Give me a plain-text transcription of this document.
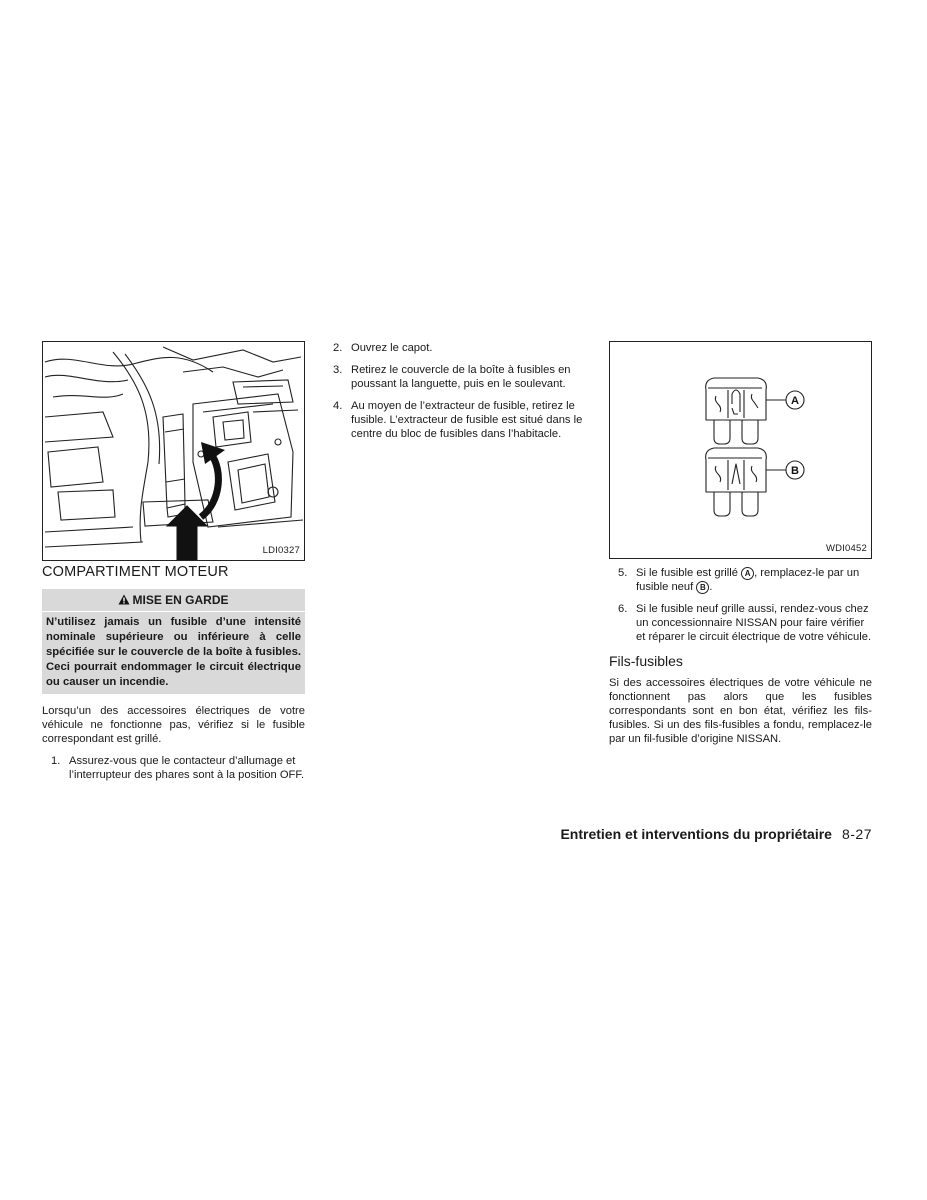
LDI0327
COMPARTIMENT MOTEUR
MISE EN GARDE
N’utilisez jamais un fusible d’une intensité nominale supérieure ou inférieure à celle spécifiée sur le couvercle de la boîte à fusibles. Ceci pourrait endommager le circuit électrique ou causer un incendie.

Lorsqu’un des accessoires électriques de votre véhicule ne fonctionne pas, vérifiez si le fusible correspondant est grillé.

1. Assurez-vous que le contacteur d’allumage et l’interrupteur des phares sont à la position OFF.
2. Ouvrez le capot.
3. Retirez le couvercle de la boîte à fusibles en poussant la languette, puis en le soulevant.
4. Au moyen de l’extracteur de fusible, retirez le fusible. L’extracteur de fusible est situé dans le centre du bloc de fusibles dans l’habitacle.
A
B
WDI0452
5. Si le fusible est grillé A , remplacez-le par un fusible neuf B .
6. Si le fusible neuf grille aussi, rendez-vous chez un concessionnaire NISSAN pour faire vérifier et réparer le circuit électrique de votre véhicule.
Fils-fusibles

Si des accessoires électriques de votre véhicule ne fonctionnent pas alors que les fusibles correspondants sont en bon état, vérifiez les fils-fusibles. Si un des fils-fusibles a fondu, remplacez-le par un fil-fusible d’origine NISSAN.

Entretien et interventions du propriétaire 8-27
